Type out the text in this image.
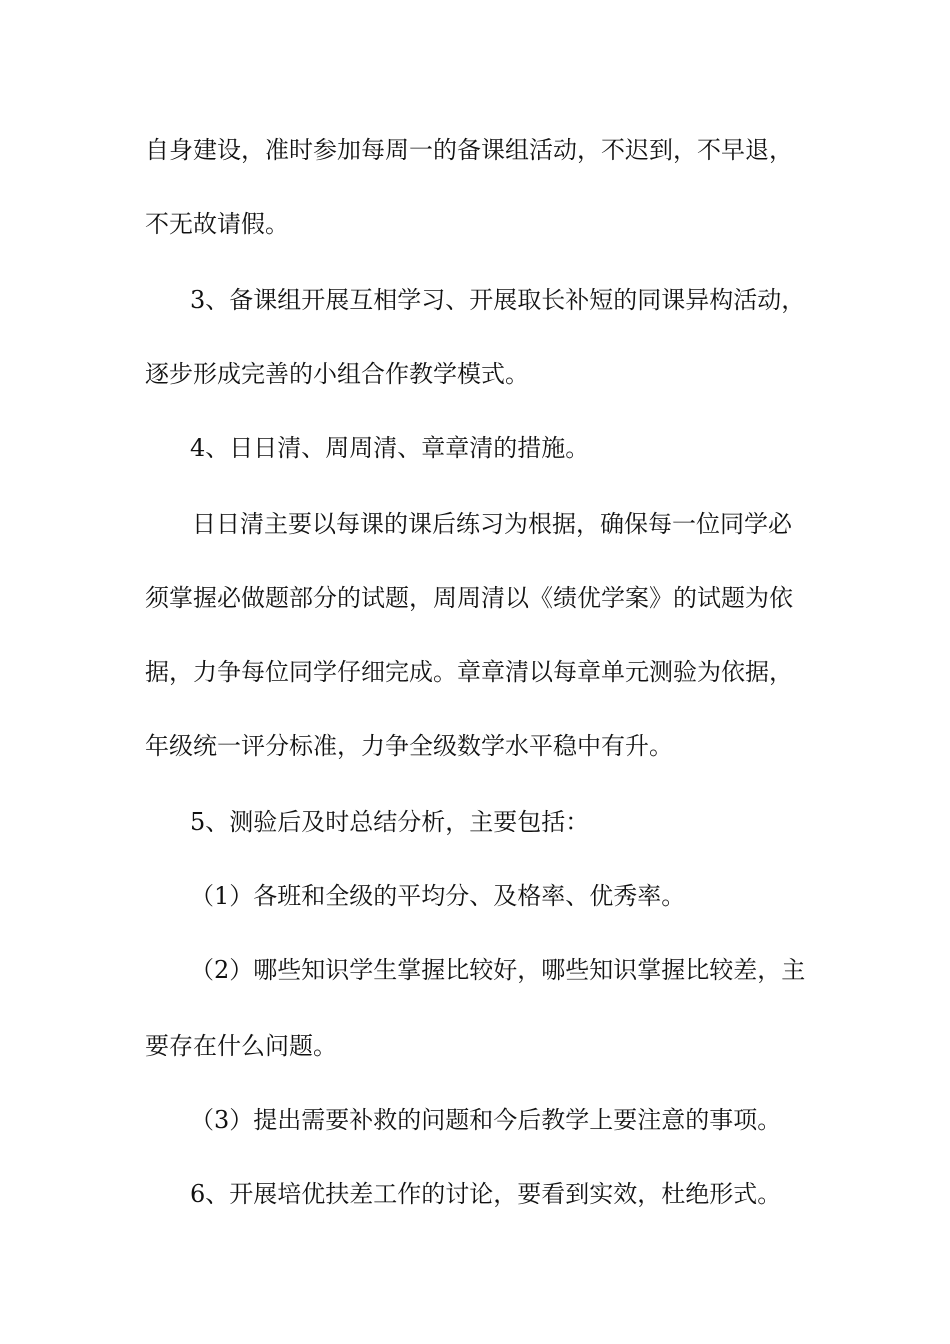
自身建设，准时参加每周一的备课组活动，不迟到，不早退，
不无故请假。
3、备课组开展互相学习、开展取长补短的同课异构活动，
逐步形成完善的小组合作教学模式。
4、日日清、周周清、章章清的措施。
日日清主要以每课的课后练习为根据，确保每一位同学必
须掌握必做题部分的试题，周周清以《绩优学案》的试题为依
据，力争每位同学仔细完成。章章清以每章单元测验为依据，
年级统一评分标准，力争全级数学水平稳中有升。
5、测验后及时总结分析，主要包括：
（1）各班和全级的平均分、及格率、优秀率。
（2）哪些知识学生掌握比较好，哪些知识掌握比较差，主
要存在什么问题。
（3）提出需要补救的问题和今后教学上要注意的事项。
6、开展培优扶差工作的讨论，要看到实效，杜绝形式。
